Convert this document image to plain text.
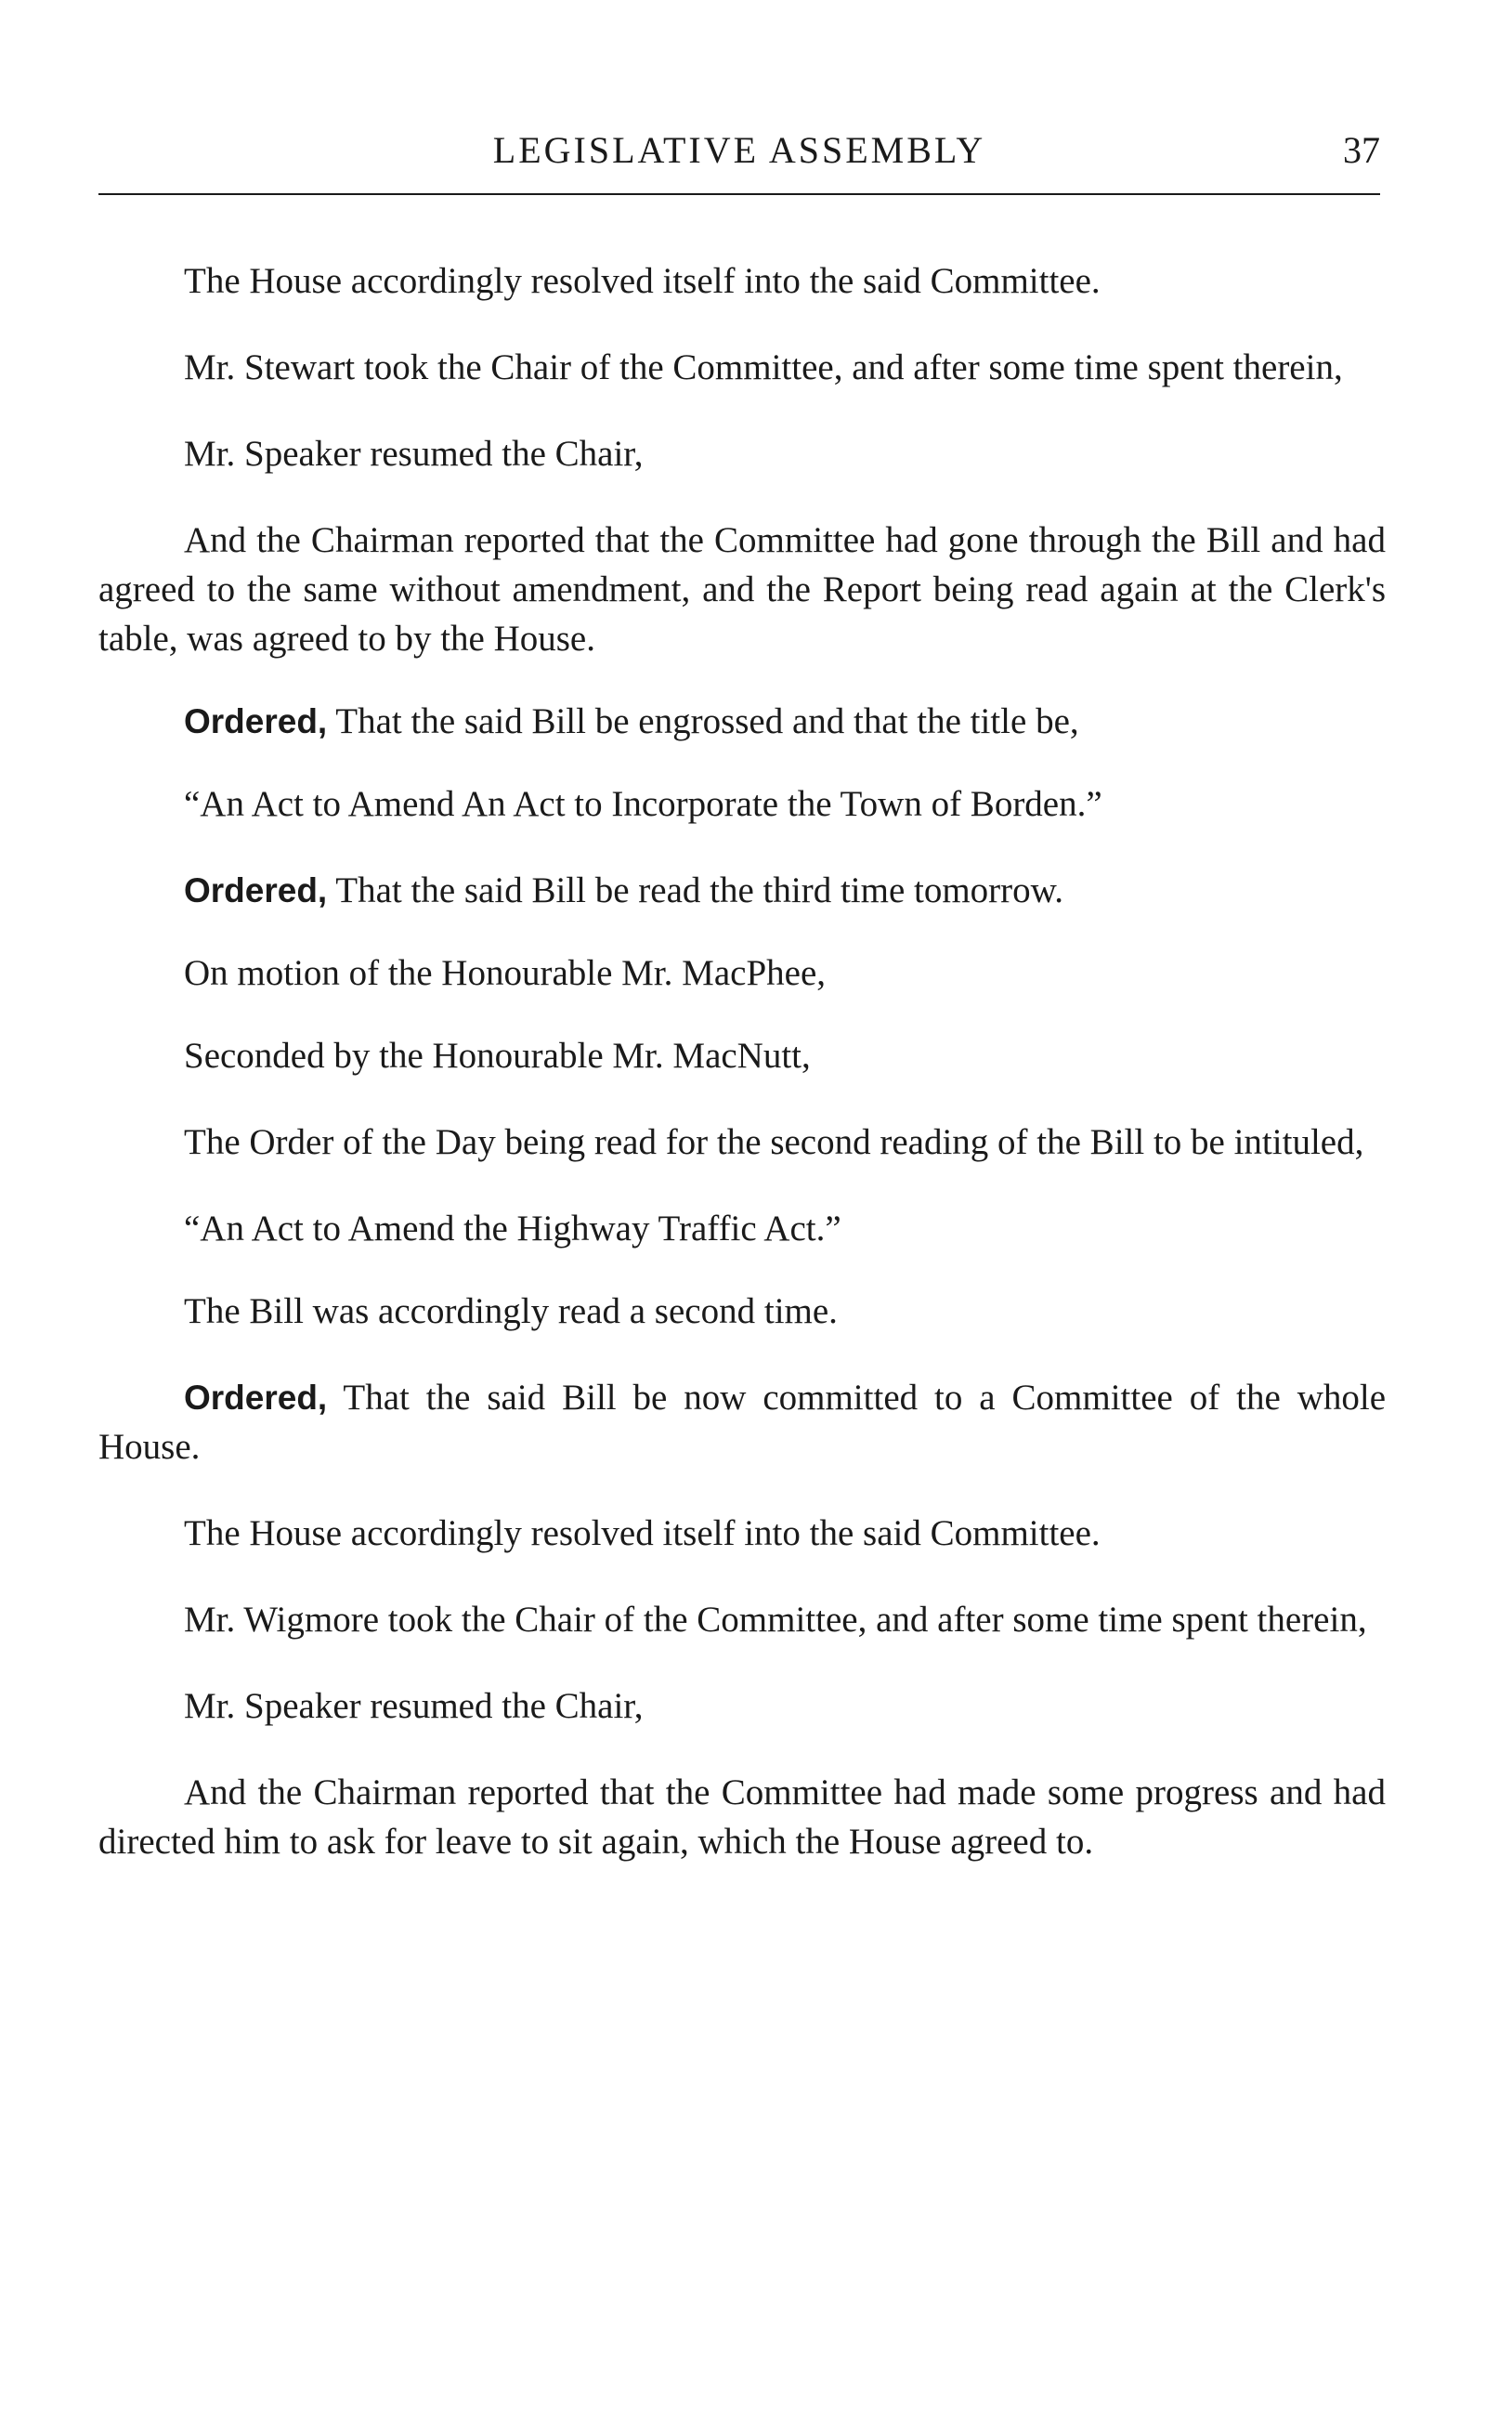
LEGISLATIVE ASSEMBLY	37

The House accordingly resolved itself into the said Committee.

Mr. Stewart took the Chair of the Committee, and after some time spent therein,

Mr. Speaker resumed the Chair,

And the Chairman reported that the Committee had gone through the Bill and had agreed to the same without amendment, and the Report being read again at the Clerk's table, was agreed to by the House.

Ordered, That the said Bill be engrossed and that the title be,

“An Act to Amend An Act to Incorporate the Town of Borden.”

Ordered, That the said Bill be read the third time tomorrow.

On motion of the Honourable Mr. MacPhee,

Seconded by the Honourable Mr. MacNutt,

The Order of the Day being read for the second reading of the Bill to be intituled,

“An Act to Amend the Highway Traffic Act.”

The Bill was accordingly read a second time.

Ordered, That the said Bill be now committed to a Committee of the whole House.

The House accordingly resolved itself into the said Committee.

Mr. Wigmore took the Chair of the Committee, and after some time spent therein,

Mr. Speaker resumed the Chair,

And the Chairman reported that the Committee had made some progress and had directed him to ask for leave to sit again, which the House agreed to.
